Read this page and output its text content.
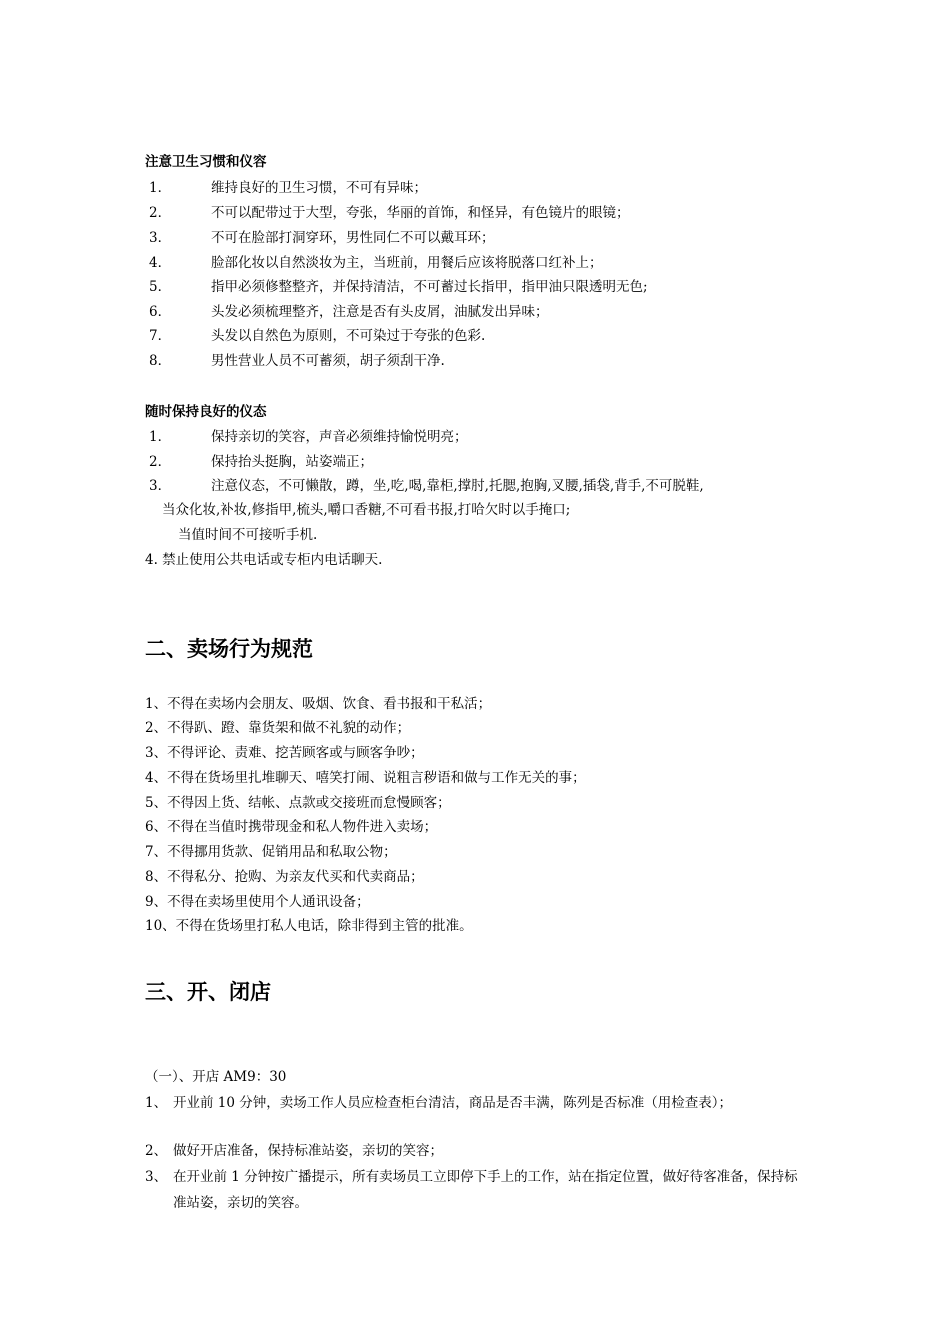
注意卫生习惯和仪容
1．	维持良好的卫生习惯，不可有异味；
2．	不可以配带过于大型，夸张，华丽的首饰，和怪异，有色镜片的眼镜；
3．	不可在脸部打洞穿环，男性同仁不可以戴耳环；
4．	脸部化妆以自然淡妆为主，当班前，用餐后应该将脱落口红补上；
5．	指甲必须修整整齐，并保持清洁，不可蓄过长指甲，指甲油只限透明无色;
6．	头发必须梳理整齐，注意是否有头皮屑，油腻发出异味；
7．	头发以自然色为原则，不可染过于夸张的色彩.
8．	男性营业人员不可蓄须，胡子须刮干净.
随时保持良好的仪态
1．	保持亲切的笑容，声音必须维持愉悦明亮；
2．	保持抬头挺胸，站姿端正；
3．	注意仪态，不可懒散，蹲，坐,吃,喝,靠柜,撑肘,托腮,抱胸,叉腰,插袋,背手,不可脱鞋,
当众化妆,补妆,修指甲,梳头,嚼口香糖,不可看书报,打哈欠时以手掩口;
当值时间不可接听手机.
4. 禁止使用公共电话或专柜内电话聊天.
二、卖场行为规范
1、不得在卖场内会朋友、吸烟、饮食、看书报和干私活；
2、不得趴、蹬、靠货架和做不礼貌的动作；
3、不得评论、责难、挖苦顾客或与顾客争吵；
4、不得在货场里扎堆聊天、嘻笑打闹、说粗言秽语和做与工作无关的事；
5、不得因上货、结帐、点款或交接班而怠慢顾客；
6、不得在当值时携带现金和私人物件进入卖场；
7、不得挪用货款、促销用品和私取公物；
8、不得私分、抢购、为亲友代买和代卖商品；
9、不得在卖场里使用个人通讯设备；
10、不得在货场里打私人电话，除非得到主管的批准。
三、开、闭店
（一）、开店 AM9：30
1、 开业前 10 分钟，卖场工作人员应检查柜台清洁，商品是否丰满，陈列是否标准（用检查表）；
2、 做好开店准备，保持标准站姿，亲切的笑容；
3、 在开业前 1 分钟按广播提示，所有卖场员工立即停下手上的工作，站在指定位置，做好待客准备，保持标准站姿，亲切的笑容。
